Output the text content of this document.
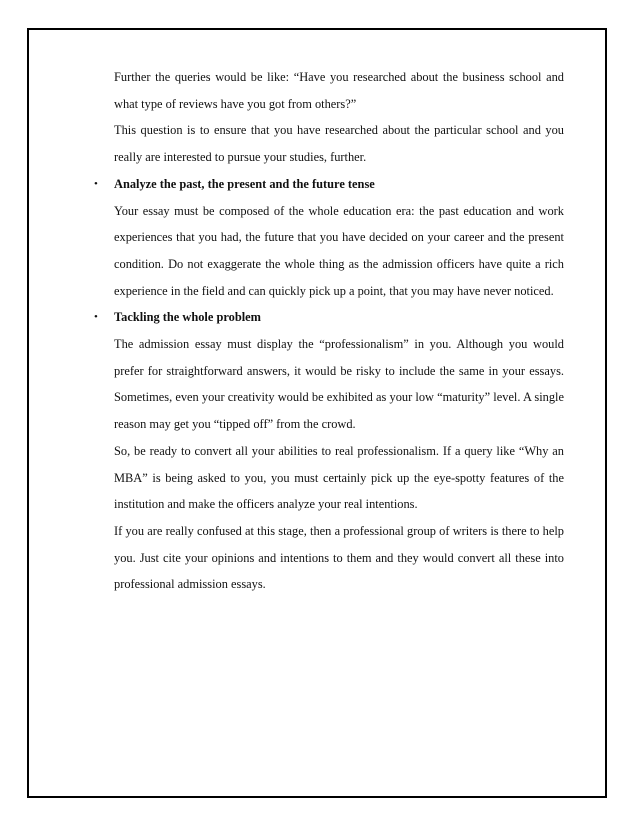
Further the queries would be like: “Have you researched about the business school and what type of reviews have you got from others?”

This question is to ensure that you have researched about the particular school and you really are interested to pursue your studies, further.

• Analyze the past, the present and the future tense

Your essay must be composed of the whole education era: the past education and work experiences that you had, the future that you have decided on your career and the present condition. Do not exaggerate the whole thing as the admission officers have quite a rich experience in the field and can quickly pick up a point, that you may have never noticed.

• Tackling the whole problem

The admission essay must display the “professionalism” in you. Although you would prefer for straightforward answers, it would be risky to include the same in your essays. Sometimes, even your creativity would be exhibited as your low “maturity” level. A single reason may get you “tipped off” from the crowd.

So, be ready to convert all your abilities to real professionalism. If a query like “Why an MBA” is being asked to you, you must certainly pick up the eye-spotty features of the institution and make the officers analyze your real intentions.

If you are really confused at this stage, then a professional group of writers is there to help you. Just cite your opinions and intentions to them and they would convert all these into professional admission essays.
